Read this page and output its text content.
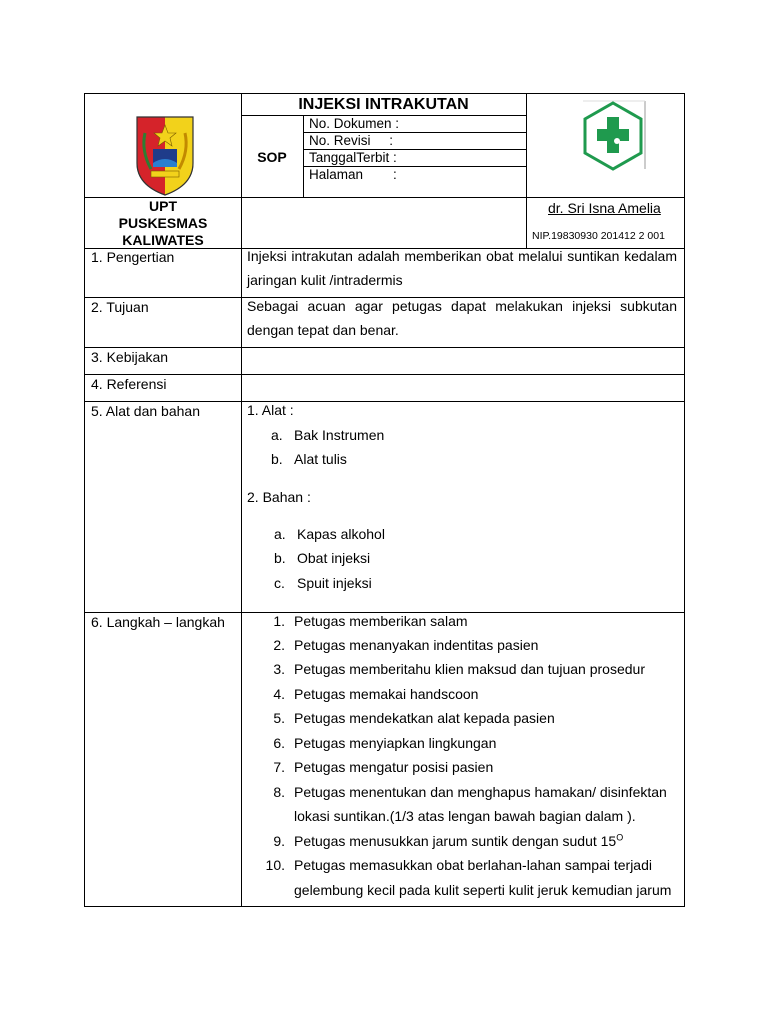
INJEKSI INTRAKUTAN
SOP
No. Dokumen :
No. Revisi     :
TanggalTerbit :
Halaman        :
UPT
PUSKESMAS
KALIWATES
dr. Sri Isna Amelia
NIP.19830930 201412 2 001
1. Pengertian	Injeksi intrakutan adalah memberikan obat melalui suntikan kedalam
jaringan kulit /intradermis
2. Tujuan	Sebagai acuan agar petugas dapat melakukan injeksi subkutan
dengan tepat dan benar.
3. Kebijakan
4. Referensi
5. Alat dan bahan	1. Alat :
a. Bak Instrumen
b. Alat tulis
2. Bahan :
a. Kapas alkohol
b. Obat injeksi
c. Spuit injeksi
6. Langkah – langkah	1. Petugas memberikan salam
2. Petugas menanyakan indentitas pasien
3. Petugas memberitahu klien maksud dan tujuan prosedur
4. Petugas memakai handscoon
5. Petugas mendekatkan alat kepada pasien
6. Petugas menyiapkan lingkungan
7. Petugas mengatur posisi pasien
8. Petugas menentukan dan menghapus hamakan/ disinfektan
lokasi suntikan.(1/3 atas lengan bawah bagian dalam ).
9. Petugas menusukkan jarum suntik dengan sudut $15^O$
10. Petugas memasukkan obat berlahan-lahan sampai terjadi
gelembung kecil pada kulit seperti kulit jeruk kemudian jarum
